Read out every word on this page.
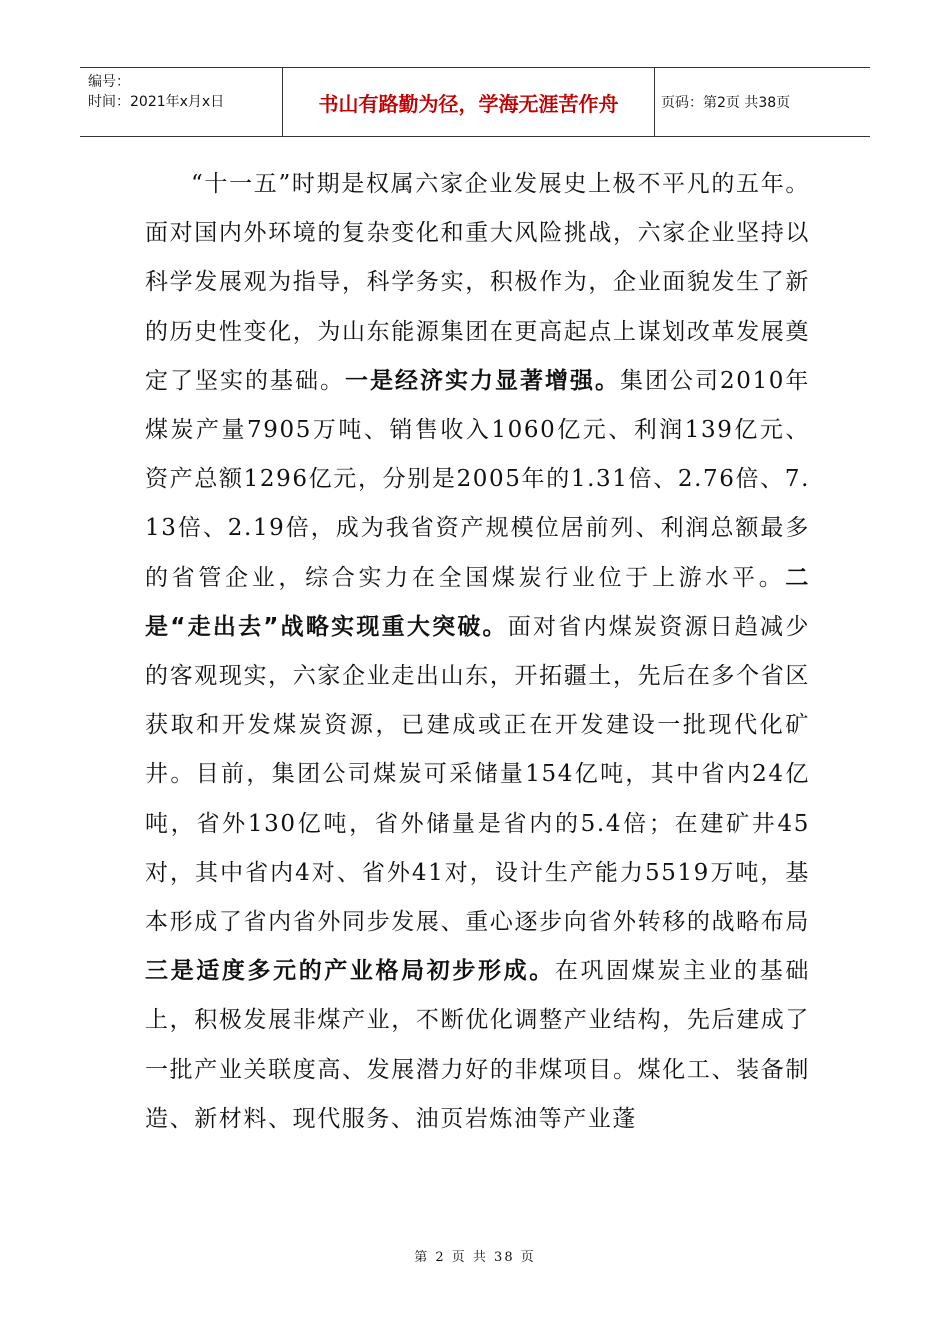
编号：
时间：2021年x月x日	书山有路勤为径，学海无涯苦作舟	页码：第2页 共38页

“十一五”时期是权属六家企业发展史上极不平凡的五年。面对国内外环境的复杂变化和重大风险挑战，六家企业坚持以科学发展观为指导，科学务实，积极作为，企业面貌发生了新的历史性变化，为山东能源集团在更高起点上谋划改革发展奠定了坚实的基础。一是经济实力显著增强。集团公司2010年煤炭产量7905万吨、销售收入1060亿元、利润139亿元、资产总额1296亿元，分别是2005年的1.31倍、2.76倍、7.13倍、2.19倍，成为我省资产规模位居前列、利润总额最多的省管企业，综合实力在全国煤炭行业位于上游水平。二是“走出去”战略实现重大突破。面对省内煤炭资源日趋减少的客观现实，六家企业走出山东，开拓疆土，先后在多个省区获取和开发煤炭资源，已建成或正在开发建设一批现代化矿井。目前，集团公司煤炭可采储量154亿吨，其中省内24亿吨，省外130亿吨，省外储量是省内的5.4倍；在建矿井45对，其中省内4对、省外41对，设计生产能力5519万吨，基本形成了省内省外同步发展、重心逐步向省外转移的战略布局三是适度多元的产业格局初步形成。在巩固煤炭主业的基础上，积极发展非煤产业，不断优化调整产业结构，先后建成了一批产业关联度高、发展潜力好的非煤项目。煤化工、装备制造、新材料、现代服务、油页岩炼油等产业蓬

第 2 页 共 38 页
